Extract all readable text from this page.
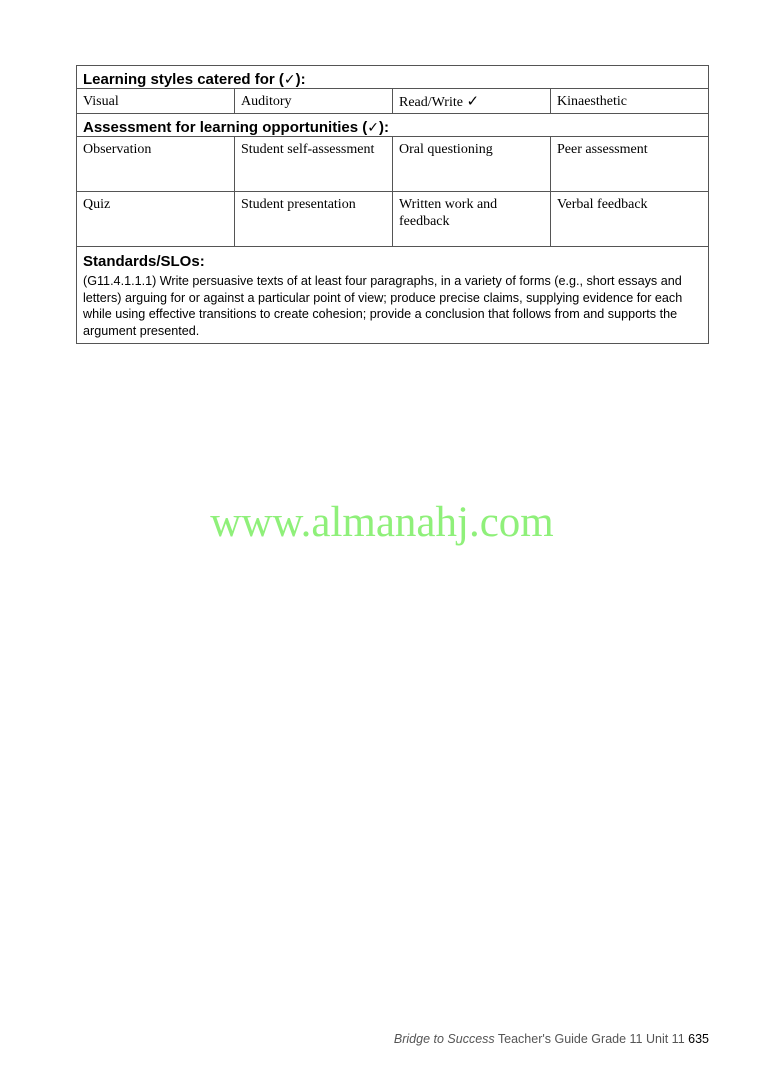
Learning styles catered for (✓):			
Visual	Auditory	Read/Write ✓	Kinaesthetic
Assessment for learning opportunities (✓):			
Observation	Student self-assessment	Oral questioning	Peer assessment
Quiz	Student presentation	Written work and feedback	Verbal feedback

Standards/SLOs:
(G11.4.1.1.1) Write persuasive texts of at least four paragraphs, in a variety of forms (e.g., short essays and letters) arguing for or against a particular point of view; produce precise claims, supplying evidence for each while using effective transitions to create cohesion; provide a conclusion that follows from and supports the argument presented.			
www.almanahj.com
Bridge to Success Teacher's Guide Grade 11 Unit 11 635
